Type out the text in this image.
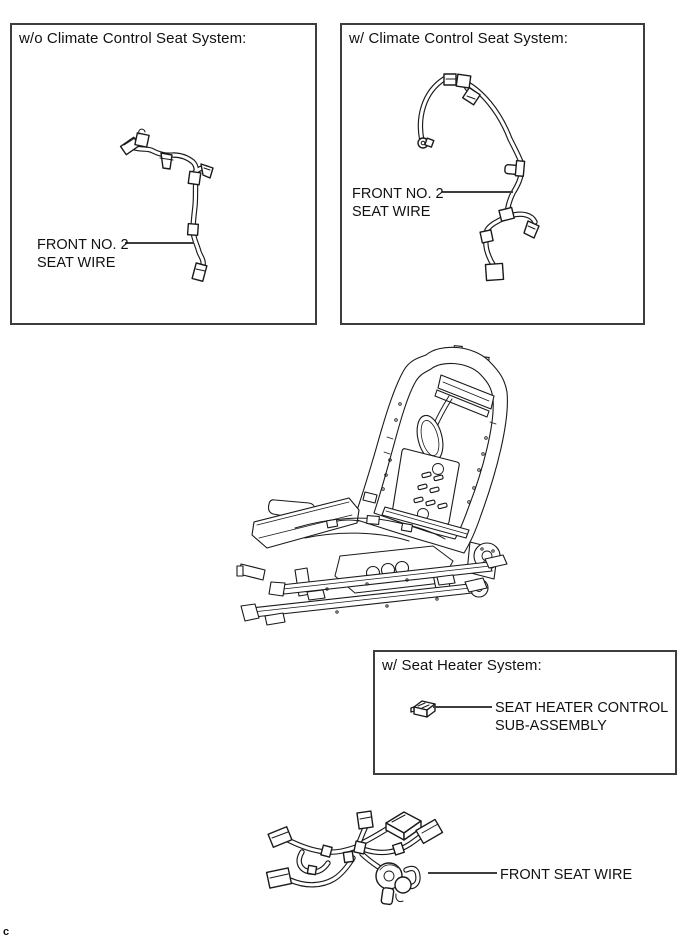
w/o Climate Control Seat System:
FRONT NO. 2
SEAT WIRE
w/ Climate Control Seat System:
FRONT NO. 2
SEAT WIRE
w/ Seat Heater System:
SEAT HEATER CONTROL
SUB-ASSEMBLY
FRONT SEAT WIRE
c
